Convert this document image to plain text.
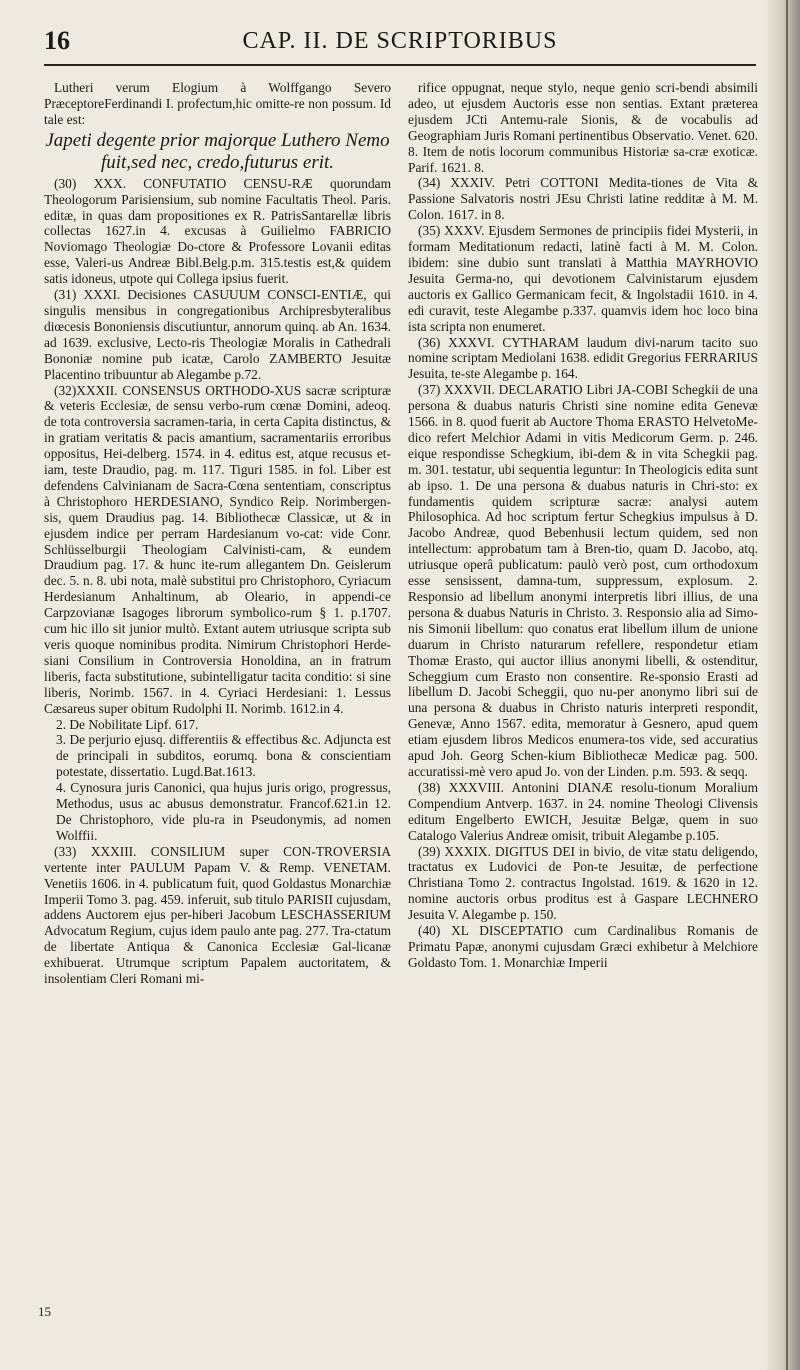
16	CAP. II. DE SCRIPTORIBUS

Lutheri verum Elogium à Wolffgango Severo PræceptoreFerdinandi I. profectum,hic omitte-re non possum. Id tale est:

Japeti degente prior majorque Luthero Nemo fuit,sed nec, credo,futurus erit.

(30) XXX. CONFUTATIO CENSU-RÆ quorundam Theologorum Parisiensium, sub nomine Facultatis Theol. Paris. editæ, in quas dam propositiones ex R. PatrisSantarellæ libris collectas 1627.in 4. excusas à Guilielmo FABRICIO Noviomago Theologiæ Do-ctore & Professore Lovanii editas esse, Valeri-us Andreæ Bibl.Belg.p.m. 315.testis est,& quidem satis idoneus, utpote qui Collega ipsius fuerit.

(31) XXXI. Decisiones CASUUUM CONSCI-ENTIÆ, qui singulis mensibus in congregationibus Archipresbyteralibus diœcesis Bononiensis discutiuntur, annorum quinq. ab An. 1634. ad 1639. exclusive, Lecto-ris Theologiæ Moralis in Cathedrali Bononiæ nomine pub icatæ, Carolo ZAMBERTO Jesuitæ Placentino tribuuntur ab Alegambe p.72.

(32)XXXII. CONSENSUS ORTHODO-XUS sacræ scripturæ & veteris Ecclesiæ, de sensu verbo-rum cœnæ Domini, adeoq. de tota controversia sacramen-taria, in certa Capita distinctus, & in gratiam veritatis & pacis amantium, sacramentariis erroribus oppositus, Hei-delberg. 1574. in 4. editus est, atque recusus et-iam, teste Draudio, pag. m. 117. Tiguri 1585. in fol. Liber est defendens Calvinianam de Sacra-Cœna sententiam, conscriptus à Christophoro HERDESIANO, Syndico Reip. Norimbergen-sis, quem Draudius pag. 14. Bibliothecæ Classicæ, ut & in ejusdem indice per perram Hardesianum vo-cat: vide Conr. Schlüsselburgii Theologiam Calvinisti-cam, & eundem Draudium pag. 17. & hunc ite-rum allegantem Dn. Geislerum dec. 5. n. 8. ubi nota, malè substitui pro Christophoro, Cyriacum Herdesianum Anhaltinum, ab Oleario, in appendi-ce Carpzovianæ Isagoges librorum symbolico-rum § 1. p.1707. cum hic illo sit junior multò. Extant autem utriusque scripta sub veris quoque nominibus prodita. Nimirum Christophori Herde-siani Consilium in Controversia Honoldina, an in fratrum liberis, facta substitutione, subintelligatur tacita conditio: si sine liberis, Norimb. 1567. in 4. Cyriaci Herdesiani: 1. Lessus Cæsareus super obitum Rudolphi II. Norimb. 1612.in 4.

2. De Nobilitate Lipf. 617.

3. De perjurio ejusq. differentiis & effectibus &c. Adjuncta est de principali in subditos, eorumq. bona & conscientiam potestate, dissertatio. Lugd.Bat.1613.

4. Cynosura juris Canonici, qua hujus juris origo, progressus, Methodus, usus ac abusus demonstratur. Francof.621.in 12. De Christophoro, vide plu-ra in Pseudonymis, ad nomen Wolffii.

(33) XXXIII. CONSILIUM super CON-TROVERSIA vertente inter PAULUM Papam V. & Remp. VENETAM. Venetiis 1606. in 4. publicatum fuit, quod Goldastus Monarchiæ Imperii Tomo 3. pag. 459. inferuit, sub titulo PARISII cujusdam, addens Auctorem ejus per-hiberi Jacobum LESCHASSERIUM Advocatum Regium, cujus idem paulo ante pag. 277. Tra-ctatum de libertate Antiqua & Canonica Ecclesiæ Gal-licanæ exhibuerat. Utrumque scriptum Papalem auctoritatem, & insolentiam Cleri Romani mi-

rifice oppugnat, neque stylo, neque genio scri-bendi absimili adeo, ut ejusdem Auctoris esse non sentias. Extant præterea ejusdem JCti Antemu-rale Sionis, & de vocabulis ad Geographiam Juris Romani pertinentibus Observatio. Venet. 620. 8. Item de notis locorum communibus Historiæ sa-cræ exoticæ. Parif. 1621. 8.

(34) XXXIV. Petri COTTONI Medita-tiones de Vita & Passione Salvatoris nostri JEsu Christi latine redditæ à M. M. Colon. 1617. in 8.

(35) XXXV. Ejusdem Sermones de principiis fidei Mysterii, in formam Meditationum redacti, latinè facti à M. M. Colon. ibidem: sine dubio sunt translati à Matthia MAYRHOVIO Jesuita Germa-no, qui devotionem Calvinistarum ejusdem auctoris ex Gallico Germanicam fecit, & Ingolstadii 1610. in 4. edi curavit, teste Alegambe p.337. quamvis idem hoc loco bina ista scripta non enumeret.

(36) XXXVI. CYTHARAM laudum divi-narum tacito suo nomine scriptam Mediolani 1638. edidit Gregorius FERRARIUS Jesuita, te-ste Alegambe p. 164.

(37) XXXVII. DECLARATIO Libri JA-COBI Schegkii de una persona & duabus naturis Christi sine nomine edita Genevæ 1566. in 8. quod fuerit ab Auctore Thoma ERASTO HelvetoMe-dico refert Melchior Adami in vitis Medicorum Germ. p. 246. eique respondisse Schegkium, ibi-dem & in vita Schegkii pag. m. 301. testatur, ubi sequentia leguntur: In Theologicis edita sunt ab ipso. 1. De una persona & duabus naturis in Chri-sto: ex fundamentis quidem scripturæ sacræ: analysi autem Philosophica. Ad hoc scriptum fertur Schegkius impulsus à D. Jacobo Andreæ, quod Bebenhusii lectum quidem, sed non intellectum: approbatum tam à Bren-tio, quam D. Jacobo, atq. utriusque operâ publicatum: paulò verò post, cum orthodoxum esse sensissent, damna-tum, suppressum, explosum. 2. Responsio ad libellum anonymi interpretis libri illius, de una persona & duabus Naturis in Christo. 3. Responsio alia ad Simo-nis Simonii libellum: quo conatus erat libellum illum de unione duarum in Christo naturarum refellere, respondetur etiam Thomæ Erasto, qui auctor illius anonymi libelli, & ostenditur, Scheggium cum Erasto non consentire. Re-sponsio Erasti ad libellum D. Jacobi Scheggii, quo nu-per anonymo libri sui de una persona & duabus in Christo naturis interpreti respondit, Genevæ, Anno 1567. edita, memoratur à Gesnero, apud quem etiam ejusdem libros Medicos enumera-tos vide, sed accuratius apud Joh. Georg Schen-kium Bibliothecæ Medicæ pag. 500. accuratissi-mè vero apud Jo. von der Linden. p.m. 593. & seqq.

(38) XXXVIII. Antonini DIANÆ resolu-tionum Moralium Compendium Antverp. 1637. in 24. nomine Theologi Clivensis editum Engelberto EWICH, Jesuitæ Belgæ, quem in suo Catalogo Valerius Andreæ omisit, tribuit Alegambe p.105.

(39) XXXIX. DIGITUS DEI in bivio, de vitæ statu deligendo, tractatus ex Ludovici de Pon-te Jesuitæ, de perfectione Christiana Tomo 2. contractus Ingolstad. 1619. & 1620 in 12. nomine auctoris orbus proditus est à Gaspare LECHNERO Jesuita V. Alegambe p. 150.

(40) XL DISCEPTATIO cum Cardinalibus Romanis de Primatu Papæ, anonymi cujusdam Græci exhibetur à Melchiore Goldasto Tom. 1. Monarchiæ Imperii

15
